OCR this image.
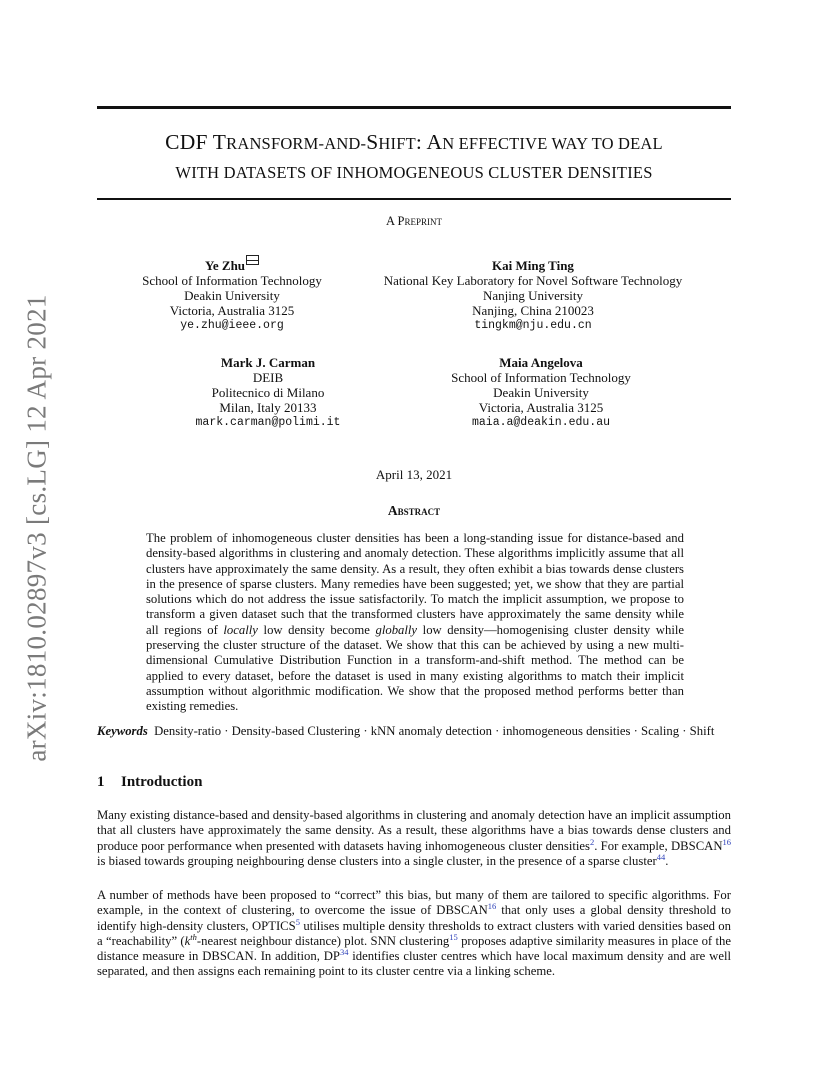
arXiv:1810.02897v3 [cs.LG] 12 Apr 2021
CDF TRANSFORM-AND-SHIFT: AN EFFECTIVE WAY TO DEAL
WITH DATASETS OF INHOMOGENEOUS CLUSTER DENSITIES
A Preprint
Ye Zhu
School of Information Technology
Deakin University
Victoria, Australia 3125
ye.zhu@ieee.org
Kai Ming Ting
National Key Laboratory for Novel Software Technology
Nanjing University
Nanjing, China 210023
tingkm@nju.edu.cn
Mark J. Carman
DEIB
Politecnico di Milano
Milan, Italy 20133
mark.carman@polimi.it
Maia Angelova
School of Information Technology
Deakin University
Victoria, Australia 3125
maia.a@deakin.edu.au
April 13, 2021
Abstract
The problem of inhomogeneous cluster densities has been a long-standing issue for distance-based and density-based algorithms in clustering and anomaly detection. These algorithms implicitly assume that all clusters have approximately the same density. As a result, they often exhibit a bias towards dense clusters in the presence of sparse clusters. Many remedies have been suggested; yet, we show that they are partial solutions which do not address the issue satisfactorily. To match the implicit assumption, we propose to transform a given dataset such that the transformed clusters have approximately the same density while all regions of locally low density become globally low density—homogenising cluster density while preserving the cluster structure of the dataset. We show that this can be achieved by using a new multi-dimensional Cumulative Distribution Function in a transform-and-shift method. The method can be applied to every dataset, before the dataset is used in many existing algorithms to match their implicit assumption without algorithmic modification. We show that the proposed method performs better than existing remedies.
Keywords Density-ratio · Density-based Clustering · kNN anomaly detection · inhomogeneous densities · Scaling · Shift
1 Introduction
Many existing distance-based and density-based algorithms in clustering and anomaly detection have an implicit assumption that all clusters have approximately the same density. As a result, these algorithms have a bias towards dense clusters and produce poor performance when presented with datasets having inhomogeneous cluster densities$^2$. For example, DBSCAN$^{16}$ is biased towards grouping neighbouring dense clusters into a single cluster, in the presence of a sparse cluster$^{44}$.
A number of methods have been proposed to “correct” this bias, but many of them are tailored to specific algorithms. For example, in the context of clustering, to overcome the issue of DBSCAN$^{16}$ that only uses a global density threshold to identify high-density clusters, OPTICS$^5$ utilises multiple density thresholds to extract clusters with varied densities based on a “reachability” ($k^{th}$-nearest neighbour distance) plot. SNN clustering$^{15}$ proposes adaptive similarity measures in place of the distance measure in DBSCAN. In addition, DP$^{34}$ identifies cluster centres which have local maximum density and are well separated, and then assigns each remaining point to its cluster centre via a linking scheme.
